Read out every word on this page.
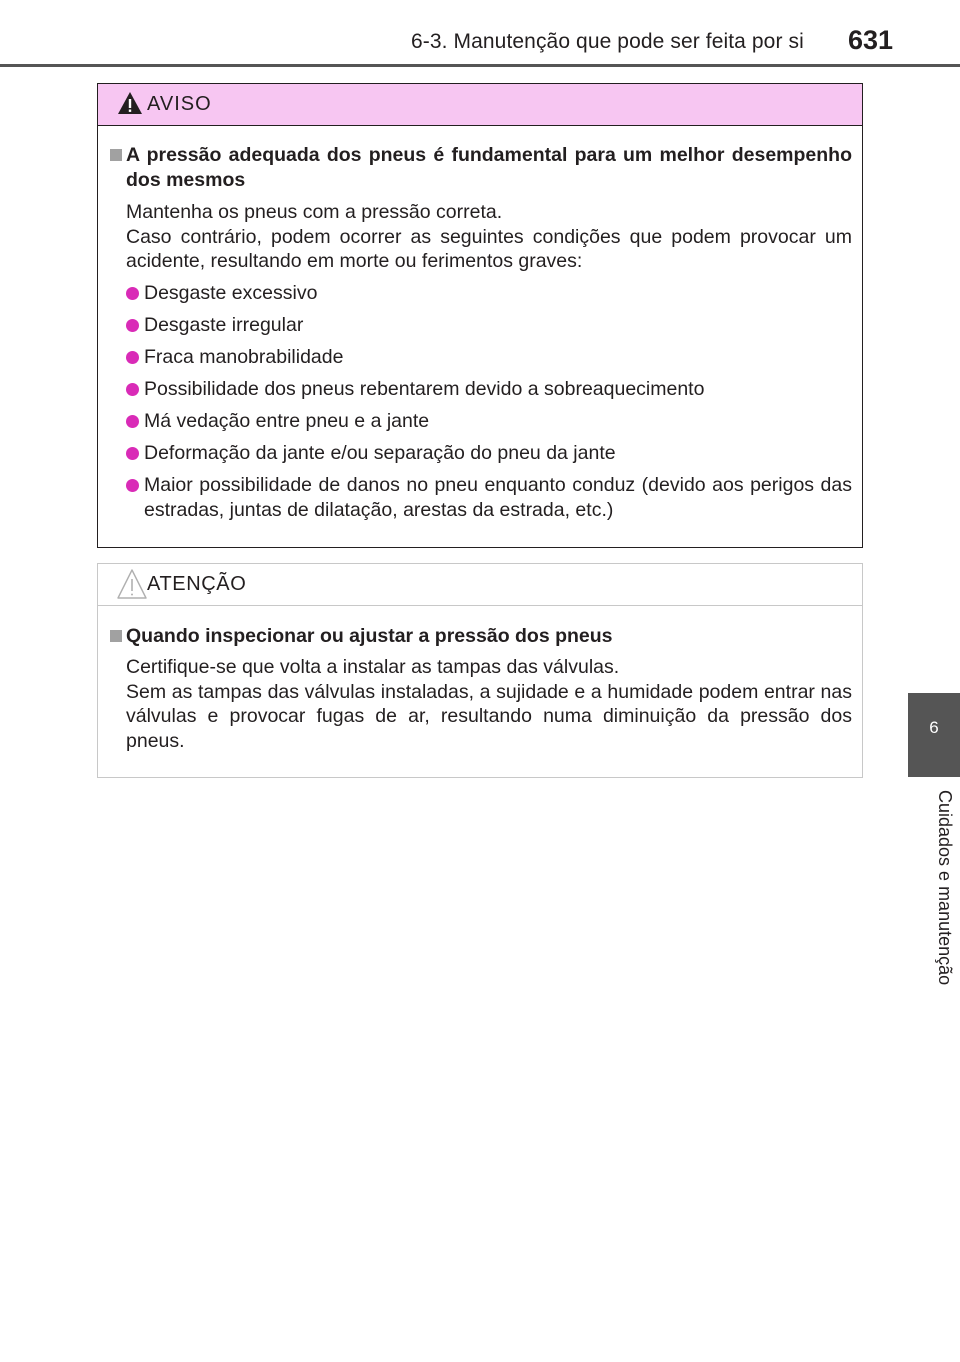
6-3. Manutenção que pode ser feita por si 631
6
Cuidados e manutenção
AVISO
A pressão adequada dos pneus é fundamental para um melhor desempenho dos mesmos
Mantenha os pneus com a pressão correta.
Caso contrário, podem ocorrer as seguintes condições que podem provocar um acidente, resultando em morte ou ferimentos graves:
Desgaste excessivo
Desgaste irregular
Fraca manobrabilidade
Possibilidade dos pneus rebentarem devido a sobreaquecimento
Má vedação entre pneu e a jante
Deformação da jante e/ou separação do pneu da jante
Maior possibilidade de danos no pneu enquanto conduz (devido aos perigos das estradas, juntas de dilatação, arestas da estrada, etc.)
ATENÇÃO
Quando inspecionar ou ajustar a pressão dos pneus
Certifique-se que volta a instalar as tampas das válvulas.
Sem as tampas das válvulas instaladas, a sujidade e a humidade podem entrar nas válvulas e provocar fugas de ar, resultando numa diminuição da pressão dos pneus.
